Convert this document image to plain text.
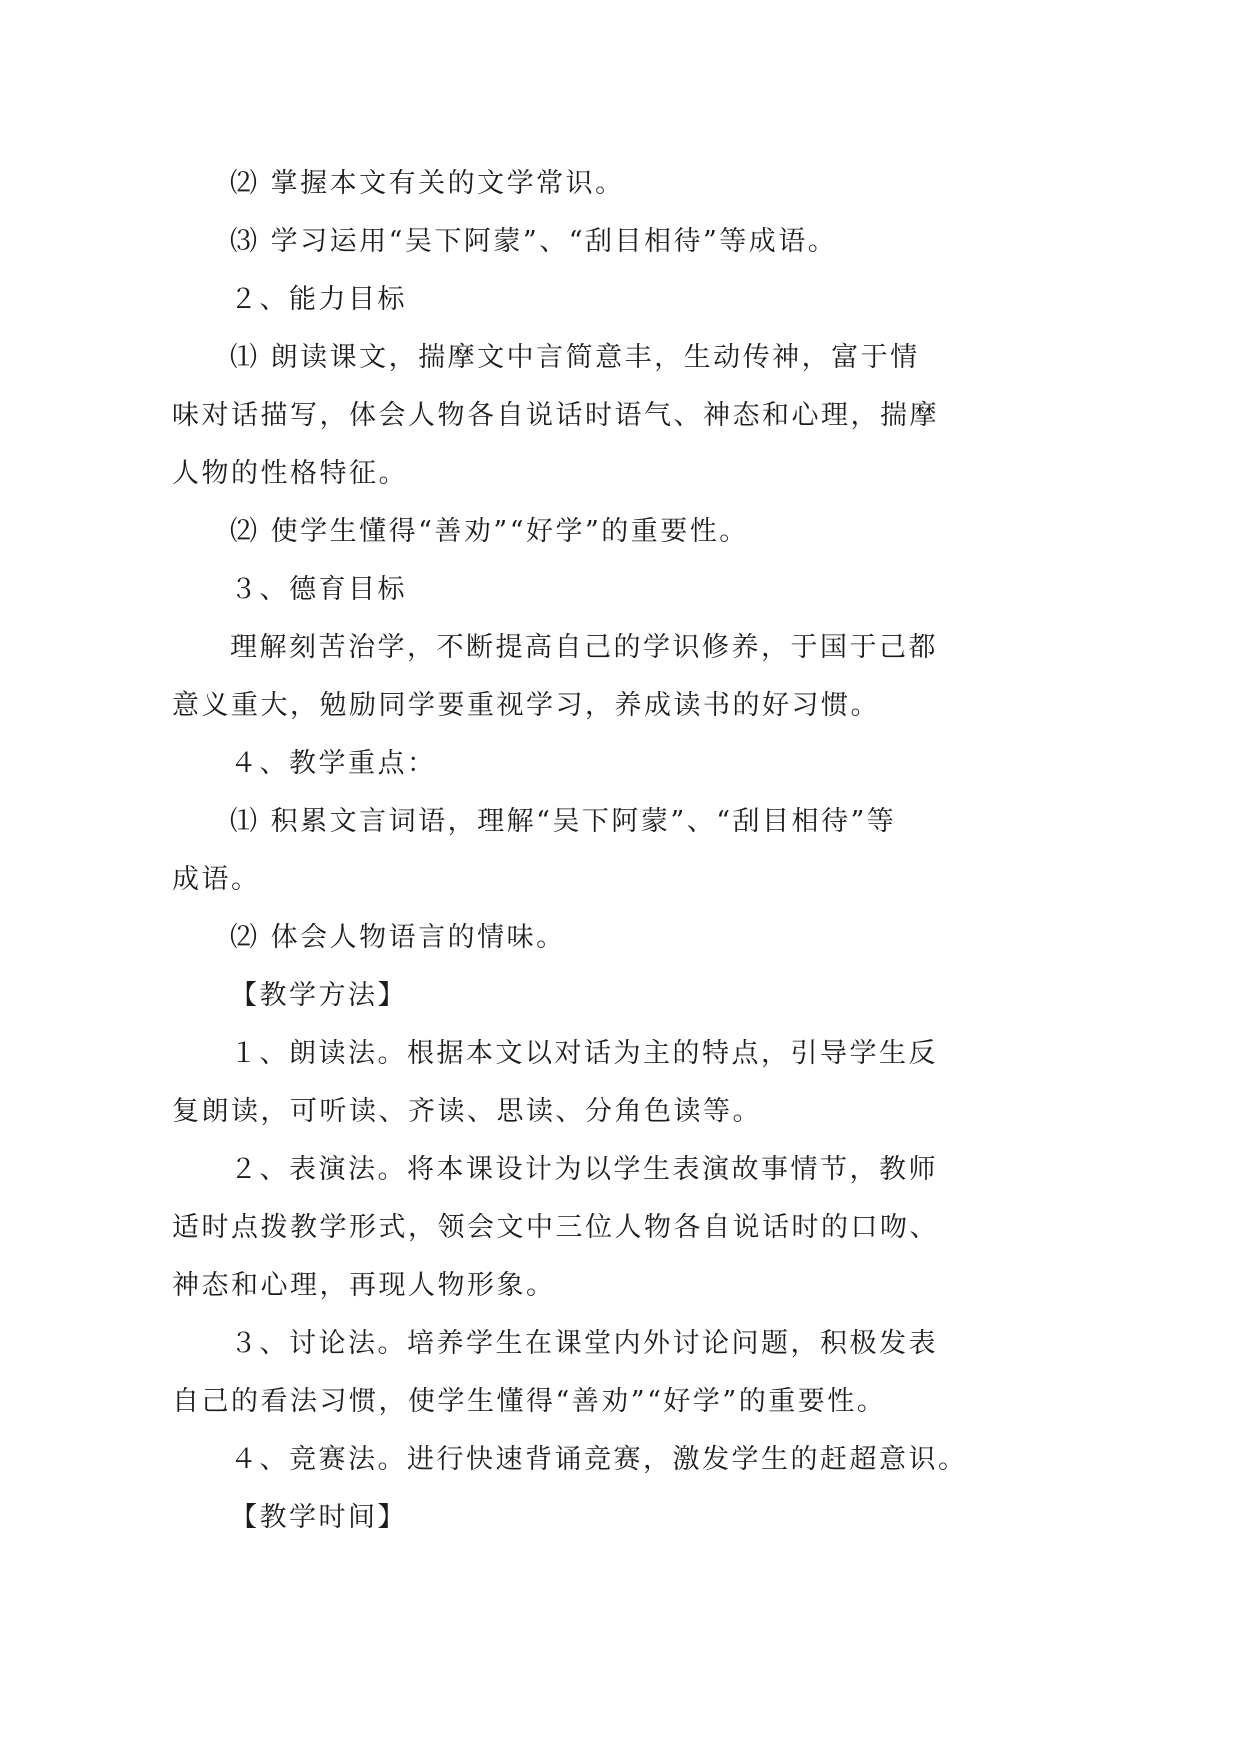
⑵ 掌握本文有关的文学常识。
⑶ 学习运用“吴下阿蒙”、“刮目相待”等成语。
２、能力目标
⑴ 朗读课文，揣摩文中言简意丰，生动传神，富于情
味对话描写，体会人物各自说话时语气、神态和心理，揣摩
人物的性格特征。
⑵ 使学生懂得“善劝”“好学”的重要性。
３、德育目标
理解刻苦治学，不断提高自己的学识修养，于国于己都
意义重大，勉励同学要重视学习，养成读书的好习惯。
４、教学重点：
⑴ 积累文言词语，理解“吴下阿蒙”、“刮目相待”等
成语。
⑵ 体会人物语言的情味。
【教学方法】
１、朗读法。根据本文以对话为主的特点，引导学生反
复朗读，可听读、齐读、思读、分角色读等。
２、表演法。将本课设计为以学生表演故事情节，教师
适时点拨教学形式，领会文中三位人物各自说话时的口吻、
神态和心理，再现人物形象。
３、讨论法。培养学生在课堂内外讨论问题，积极发表
自己的看法习惯，使学生懂得“善劝”“好学”的重要性。
４、竞赛法。进行快速背诵竞赛，激发学生的赶超意识。
【教学时间】
